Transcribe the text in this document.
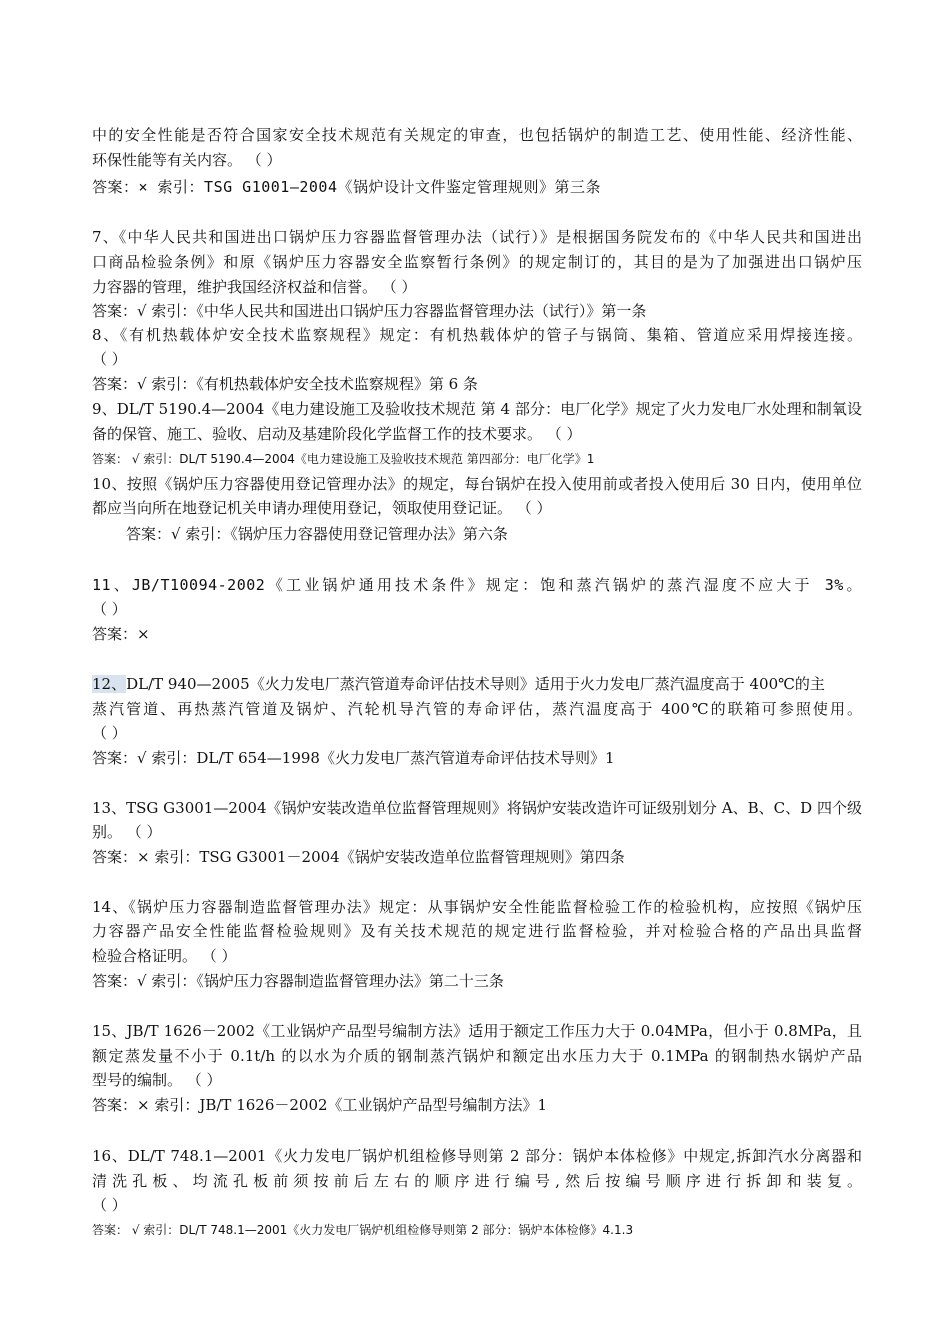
中的安全性能是否符合国家安全技术规范有关规定的审查，也包括锅炉的制造工艺、使用性能、经济性能、
环保性能等有关内容。 （ ）
答案：× 索引：TSG G1001—2004《锅炉设计文件鉴定管理规则》第三条
7、《中华人民共和国进出口锅炉压力容器监督管理办法（试行）》是根据国务院发布的《中华人民共和国进出
口商品检验条例》和原《锅炉压力容器安全监察暂行条例》的规定制订的，其目的是为了加强进出口锅炉压
力容器的管理，维护我国经济权益和信誉。 （ ）
答案：√ 索引：《中华人民共和国进出口锅炉压力容器监督管理办法（试行）》第一条
8、《有机热载体炉安全技术监察规程》规定：有机热载体炉的管子与锅筒、集箱、管道应采用焊接连接。
（ ）
答案：√ 索引：《有机热载体炉安全技术监察规程》第 6 条
9、DL/T 5190.4—2004《电力建设施工及验收技术规范 第 4 部分：电厂化学》规定了火力发电厂水处理和制氧设
备的保管、施工、验收、启动及基建阶段化学监督工作的技术要求。 （ ）
答案： √ 索引：DL/T 5190.4—2004《电力建设施工及验收技术规范 第四部分：电厂化学》1
10、按照《锅炉压力容器使用登记管理办法》的规定，每台锅炉在投入使用前或者投入使用后 30 日内，使用单位
都应当向所在地登记机关申请办理使用登记，领取使用登记证。 （ ）
答案：√ 索引：《锅炉压力容器使用登记管理办法》第六条
11、JB/T10094-2002《工业锅炉通用技术条件》规定：饱和蒸汽锅炉的蒸汽湿度不应大于 3%。
（ ）
答案：×
12、DL/T 940—2005《火力发电厂蒸汽管道寿命评估技术导则》适用于火力发电厂蒸汽温度高于 400℃的主
蒸汽管道、再热蒸汽管道及锅炉、汽轮机导汽管的寿命评估，蒸汽温度高于 400℃的联箱可参照使用。
（ ）
答案：√ 索引：DL/T 654—1998《火力发电厂蒸汽管道寿命评估技术导则》1
13、TSG G3001—2004《锅炉安装改造单位监督管理规则》将锅炉安装改造许可证级别划分 A、B、C、D 四个级
别。 （ ）
答案：× 索引：TSG G3001－2004《锅炉安装改造单位监督管理规则》第四条
14、《锅炉压力容器制造监督管理办法》规定：从事锅炉安全性能监督检验工作的检验机构，应按照《锅炉压
力容器产品安全性能监督检验规则》及有关技术规范的规定进行监督检验，并对检验合格的产品出具监督
检验合格证明。 （ ）
答案：√ 索引：《锅炉压力容器制造监督管理办法》第二十三条
15、JB/T 1626－2002《工业锅炉产品型号编制方法》适用于额定工作压力大于 0.04MPa，但小于 0.8MPa，且
额定蒸发量不小于 0.1t/h 的以水为介质的钢制蒸汽锅炉和额定出水压力大于 0.1MPa 的钢制热水锅炉产品
型号的编制。 （ ）
答案：× 索引：JB/T 1626－2002《工业锅炉产品型号编制方法》1
16、DL/T 748.1—2001《火力发电厂锅炉机组检修导则第 2 部分：锅炉本体检修》中规定,拆卸汽水分离器和
清洗孔板、均流孔板前须按前后左右的顺序进行编号,然后按编号顺序进行拆卸和装复。
（ ）
答案： √ 索引：DL/T 748.1—2001《火力发电厂锅炉机组检修导则第 2 部分：锅炉本体检修》4.1.3
